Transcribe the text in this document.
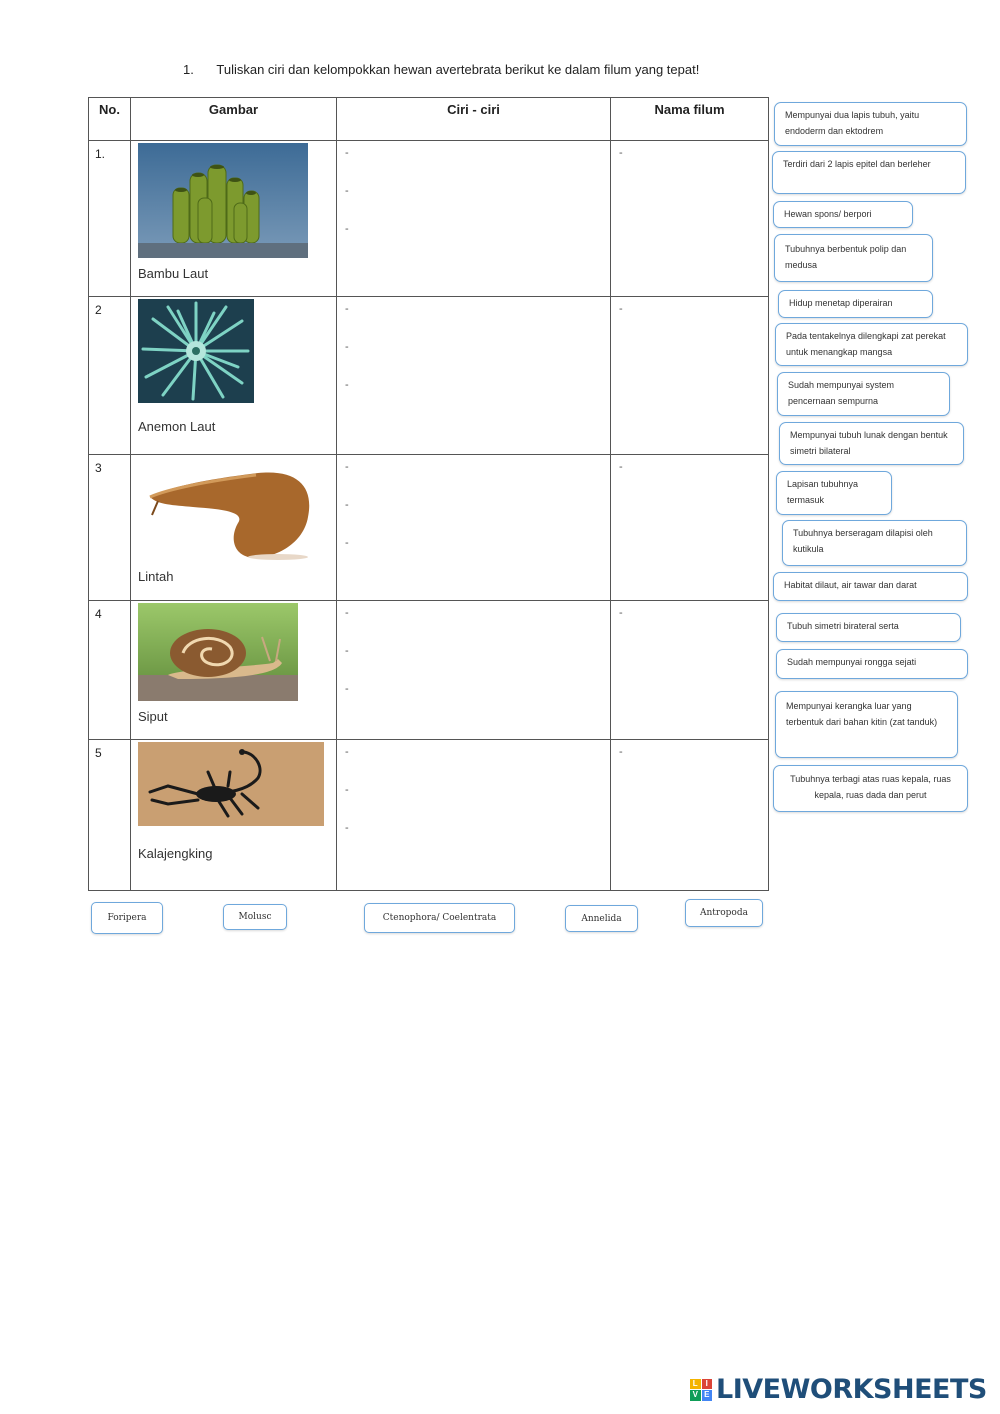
1. Tuliskan ciri dan kelompokkan hewan avertebrata berikut ke dalam filum yang tepat!
No.	Gambar	Ciri - ciri	Nama filum
1.	Bambu Laut	-
-
-	-

2	Anemon Laut	-
-
-	-

3	Lintah	-
-
-	-

4	Siput	-
-
-	-

5	Kalajengking	-
-
-	-
Mempunyai dua lapis tubuh, yaitu endoderm dan ektodrem
Terdiri dari 2 lapis epitel dan berleher
Hewan spons/ berpori
Tubuhnya berbentuk polip dan medusa
Hidup menetap diperairan
Pada tentakelnya dilengkapi zat perekat untuk menangkap mangsa
Sudah mempunyai system pencernaan sempurna
Mempunyai tubuh lunak dengan bentuk simetri bilateral
Lapisan tubuhnya termasuk
Tubuhnya berseragam dilapisi oleh kutikula
Habitat dilaut, air tawar dan darat
Tubuh simetri birateral serta
Sudah mempunyai rongga sejati
Mempunyai kerangka luar yang terbentuk dari bahan kitin (zat tanduk)
Tubuhnya terbagi atas ruas kepala, ruas kepala, ruas dada dan perut
Foripera	Molusc	Ctenophora/ Coelentrata	Annelida
Antropoda
L I
V E LIVEWORKSHEETS
